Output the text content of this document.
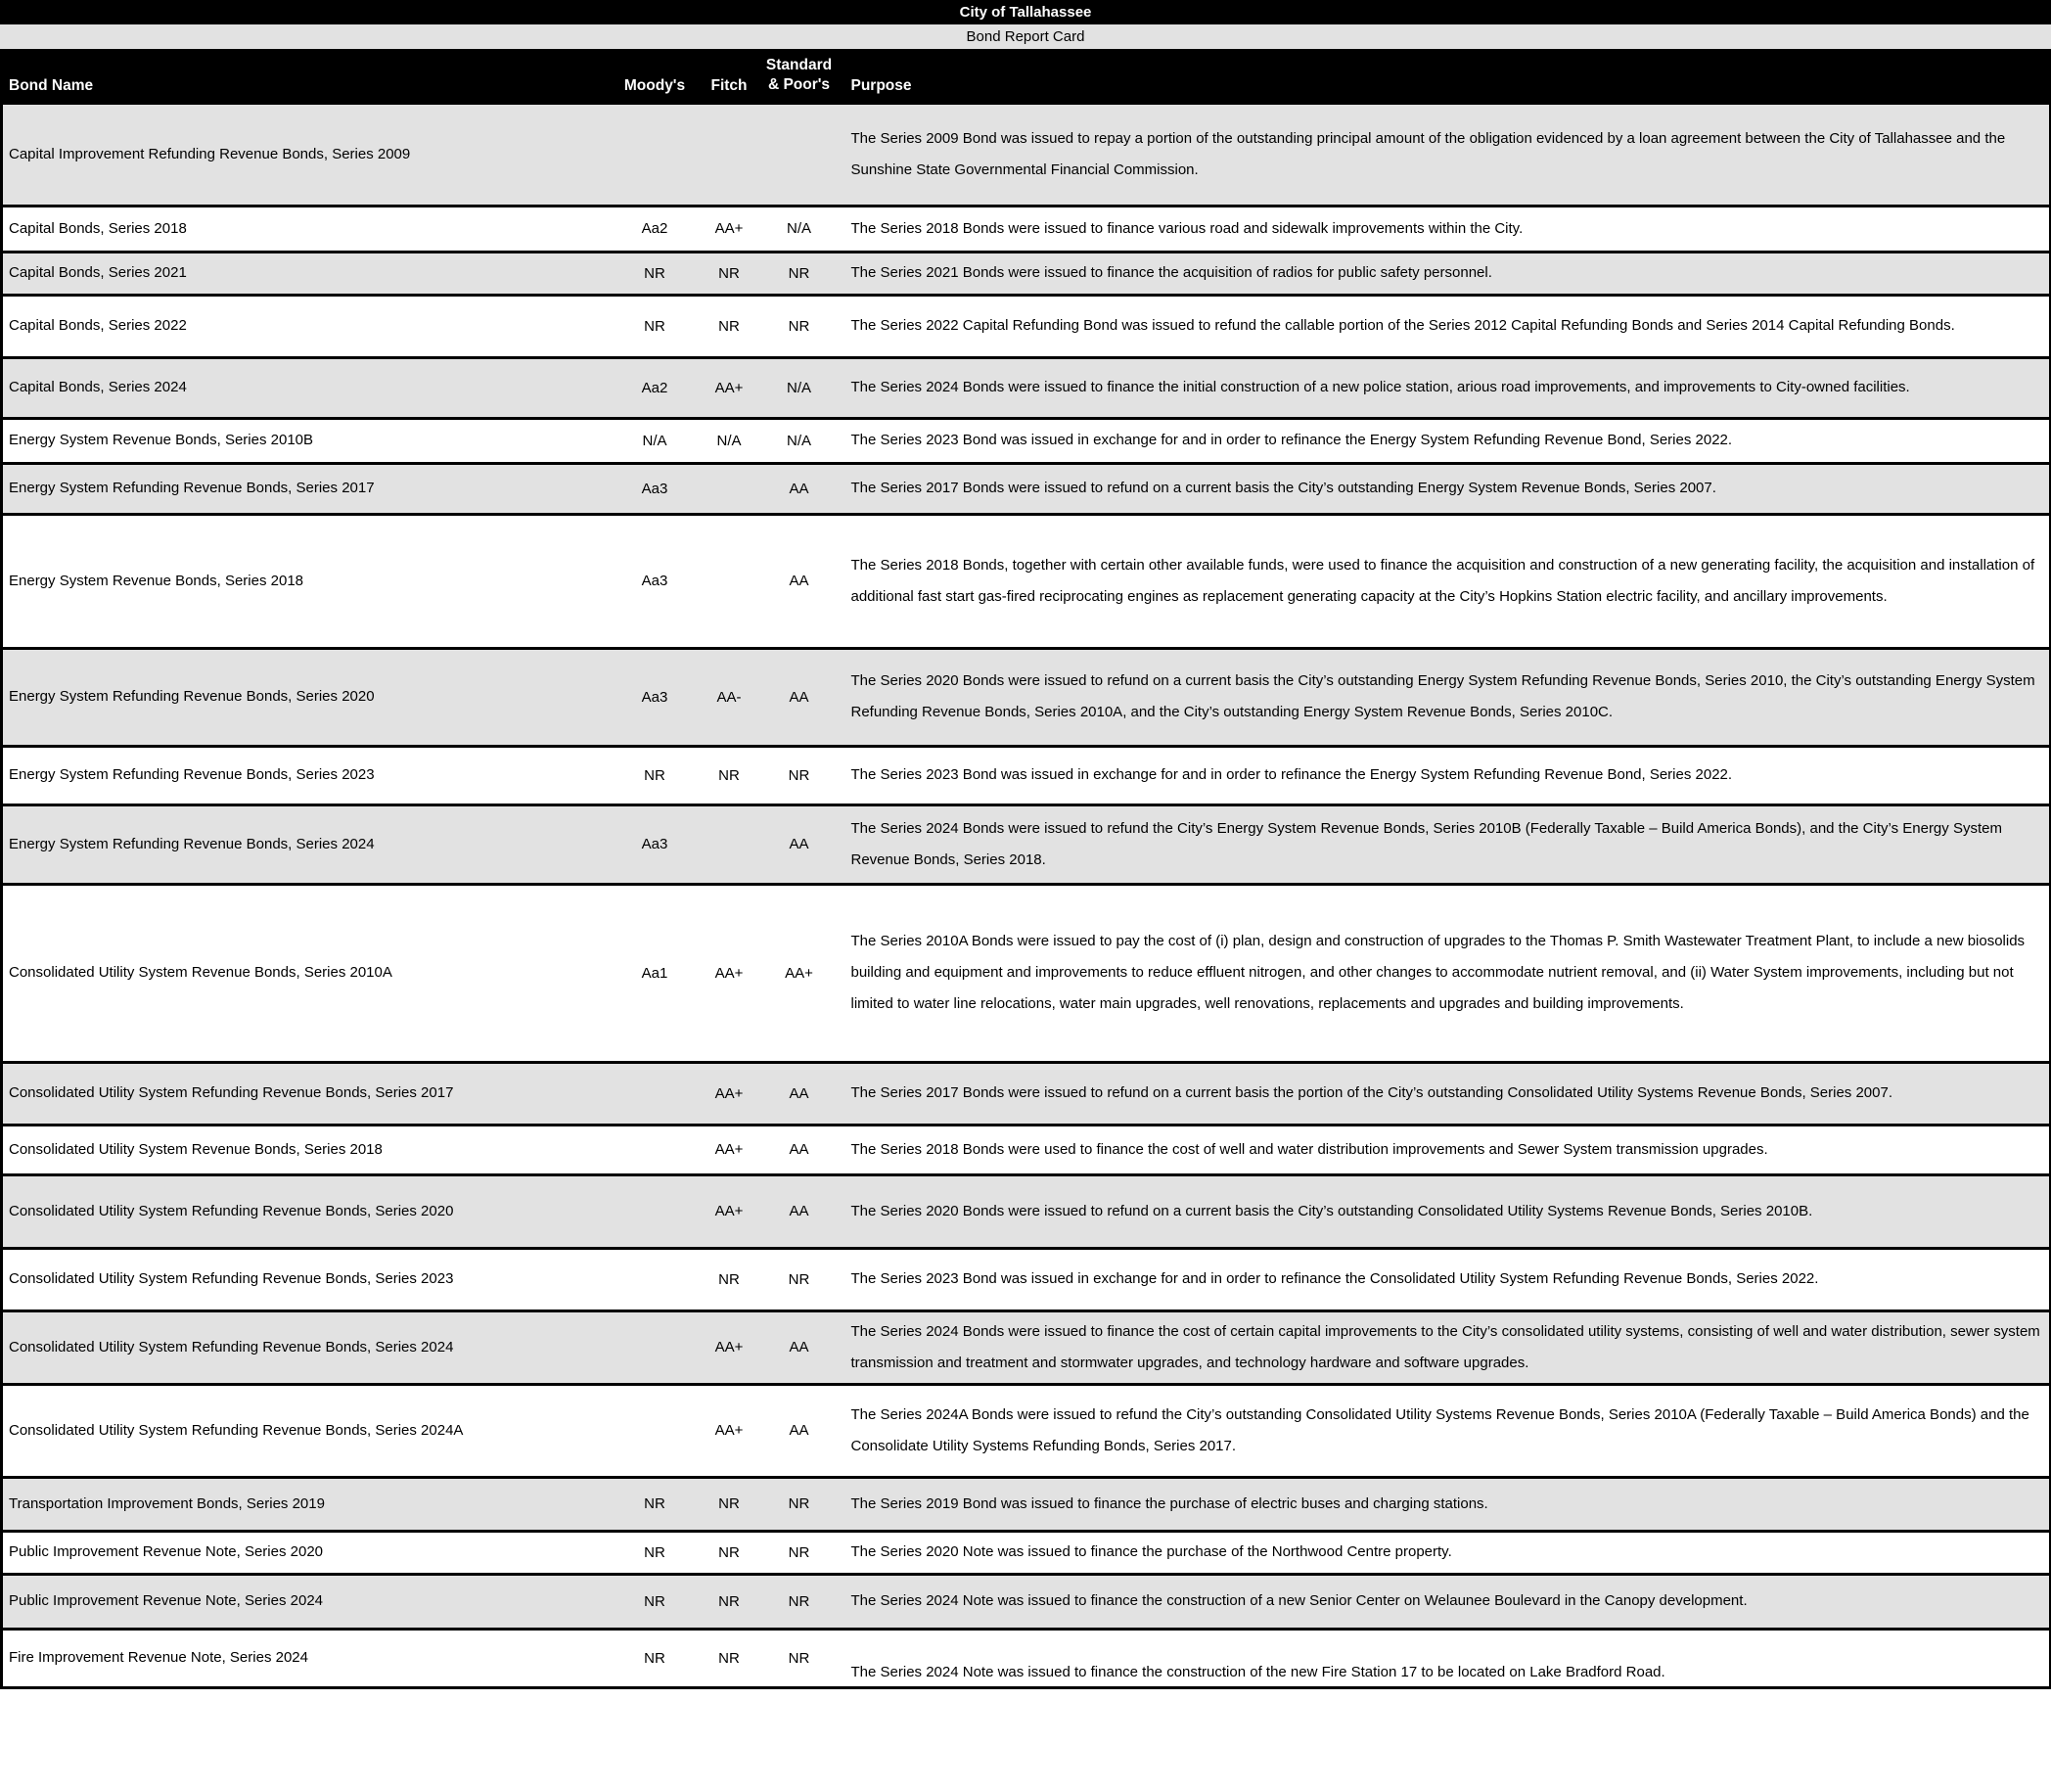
City of Tallahassee
Bond Report Card
Bond Name	Moody's	Fitch	Standard
& Poor's	Purpose
Capital Improvement Refunding Revenue Bonds, Series 2009				The Series 2009 Bond was issued to repay a portion of the outstanding principal amount of the obligation evidenced by a loan agreement between the City of Tallahassee and the Sunshine State Governmental Financial Commission.
Capital Bonds, Series 2018	Aa2	AA+	N/A	The Series 2018 Bonds were issued to finance various road and sidewalk improvements within the City.
Capital Bonds, Series 2021	NR	NR	NR	The Series 2021 Bonds were issued to finance the acquisition of radios for public safety personnel.
Capital Bonds, Series 2022	NR	NR	NR	The Series 2022 Capital Refunding Bond was issued to refund the callable portion of the Series 2012 Capital Refunding Bonds and Series 2014 Capital Refunding Bonds.
Capital Bonds, Series 2024	Aa2	AA+	N/A	The Series 2024 Bonds were issued to finance the initial construction of a new police station, arious road improvements, and improvements to City-owned facilities.
Energy System Revenue Bonds, Series 2010B	N/A	N/A	N/A	The Series 2023 Bond was issued in exchange for and in order to refinance the Energy System Refunding Revenue Bond, Series 2022.
Energy System Refunding Revenue Bonds, Series 2017	Aa3		AA	The Series 2017 Bonds were issued to refund on a current basis the City’s outstanding Energy System Revenue Bonds, Series 2007.
Energy System Revenue Bonds, Series 2018	Aa3		AA	The Series 2018 Bonds, together with certain other available funds, were used to finance the acquisition and construction of a new generating facility, the acquisition and installation of additional fast start gas-fired reciprocating engines as replacement generating capacity at the City’s Hopkins Station electric facility, and ancillary improvements.
Energy System Refunding Revenue Bonds, Series 2020	Aa3	AA-	AA	The Series 2020 Bonds were issued to refund on a current basis the City’s outstanding Energy System Refunding Revenue Bonds, Series 2010, the City’s outstanding Energy System Refunding Revenue Bonds, Series 2010A, and the City’s outstanding Energy System Revenue Bonds, Series 2010C.
Energy System Refunding Revenue Bonds, Series 2023	NR	NR	NR	The Series 2023 Bond was issued in exchange for and in order to refinance the Energy System Refunding Revenue Bond, Series 2022.
Energy System Refunding Revenue Bonds, Series 2024	Aa3		AA	The Series 2024 Bonds were issued to refund the City’s Energy System Revenue Bonds, Series 2010B (Federally Taxable – Build America Bonds), and the City’s Energy System Revenue Bonds, Series 2018.
Consolidated Utility System Revenue Bonds, Series 2010A	Aa1	AA+	AA+	The Series 2010A Bonds were issued to pay the cost of (i) plan, design and construction of upgrades to the Thomas P. Smith Wastewater Treatment Plant, to include a new biosolids building and equipment and improvements to reduce effluent nitrogen, and other changes to accommodate nutrient removal, and (ii) Water System improvements, including but not limited to water line relocations, water main upgrades, well renovations, replacements and upgrades and building improvements.
Consolidated Utility System Refunding Revenue Bonds, Series 2017		AA+	AA	The Series 2017 Bonds were issued to refund on a current basis the portion of the City’s outstanding Consolidated Utility Systems Revenue Bonds, Series 2007.
Consolidated Utility System Revenue Bonds, Series 2018		AA+	AA	The Series 2018 Bonds were used to finance the cost of well and water distribution improvements and Sewer System transmission upgrades.
Consolidated Utility System Refunding Revenue Bonds, Series 2020		AA+	AA	The Series 2020 Bonds were issued to refund on a current basis the City’s outstanding Consolidated Utility Systems Revenue Bonds, Series 2010B.
Consolidated Utility System Refunding Revenue Bonds, Series 2023		NR	NR	The Series 2023 Bond was issued in exchange for and in order to refinance the Consolidated Utility System Refunding Revenue Bonds, Series 2022.
Consolidated Utility System Refunding Revenue Bonds, Series 2024		AA+	AA	The Series 2024 Bonds were issued to finance the cost of certain capital improvements to the City’s consolidated utility systems, consisting of well and water distribution, sewer system transmission and treatment and stormwater upgrades, and technology hardware and software upgrades.
Consolidated Utility System Refunding Revenue Bonds, Series 2024A		AA+	AA	The Series 2024A Bonds were issued to refund the City’s outstanding Consolidated Utility Systems Revenue Bonds, Series 2010A (Federally Taxable – Build America Bonds) and the Consolidate Utility Systems Refunding Bonds, Series 2017.
Transportation Improvement Bonds, Series 2019	NR	NR	NR	The Series 2019 Bond was issued to finance the purchase of electric buses and charging stations.
Public Improvement Revenue Note, Series 2020	NR	NR	NR	The Series 2020 Note was issued to finance the purchase of the Northwood Centre property.
Public Improvement Revenue Note, Series 2024	NR	NR	NR	The Series 2024 Note was issued to finance the construction of a new Senior Center on Welaunee Boulevard in the Canopy development.
Fire Improvement Revenue Note, Series 2024	NR	NR	NR	The Series 2024 Note was issued to finance the construction of the new Fire Station 17 to be located on Lake Bradford Road.
